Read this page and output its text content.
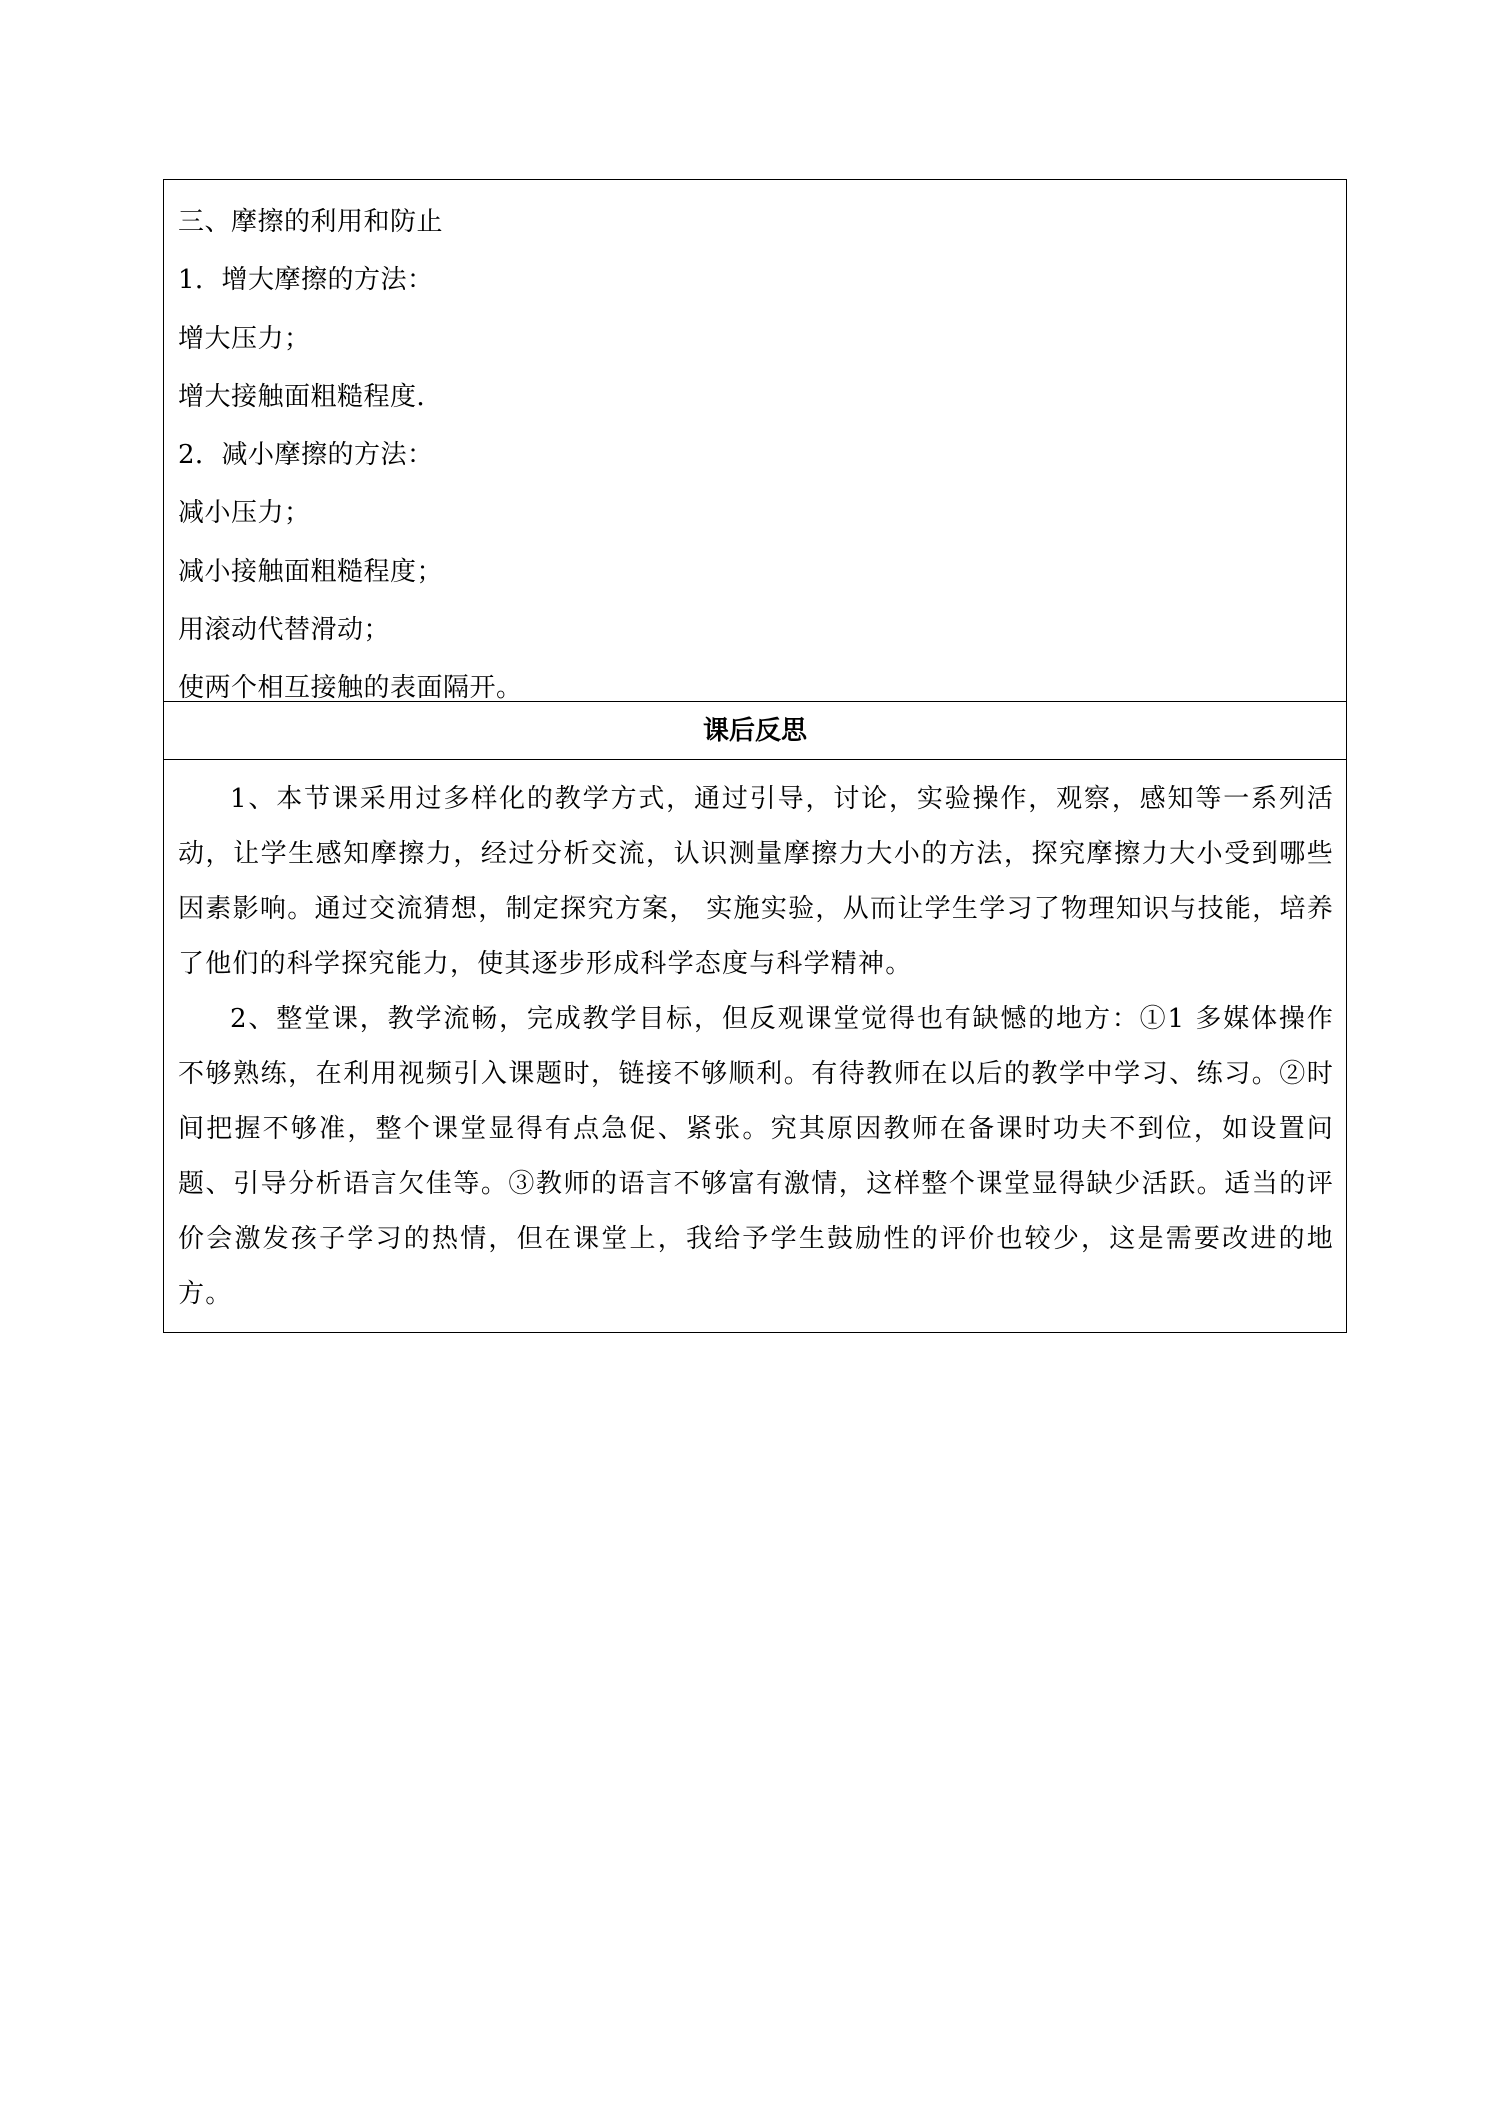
三、摩擦的利用和防止
1．增大摩擦的方法：
增大压力；
增大接触面粗糙程度．
2．减小摩擦的方法：
减小压力；
减小接触面粗糙程度；
用滚动代替滑动；
使两个相互接触的表面隔开。
课后反思

1、本节课采用过多样化的教学方式，通过引导，讨论，实验操作，观察，感知等一系列活动，让学生感知摩擦力，经过分析交流，认识测量摩擦力大小的方法，探究摩擦力大小受到哪些因素影响。通过交流猜想，制定探究方案， 实施实验，从而让学生学习了物理知识与技能，培养了他们的科学探究能力，使其逐步形成科学态度与科学精神。

2、整堂课，教学流畅，完成教学目标，但反观课堂觉得也有缺憾的地方：①1 多媒体操作不够熟练，在利用视频引入课题时，链接不够顺利。有待教师在以后的教学中学习、练习。②时间把握不够准，整个课堂显得有点急促、紧张。究其原因教师在备课时功夫不到位，如设置问题、引导分析语言欠佳等。③教师的语言不够富有激情，这样整个课堂显得缺少活跃。适当的评价会激发孩子学习的热情，但在课堂上，我给予学生鼓励性的评价也较少，这是需要改进的地方。
